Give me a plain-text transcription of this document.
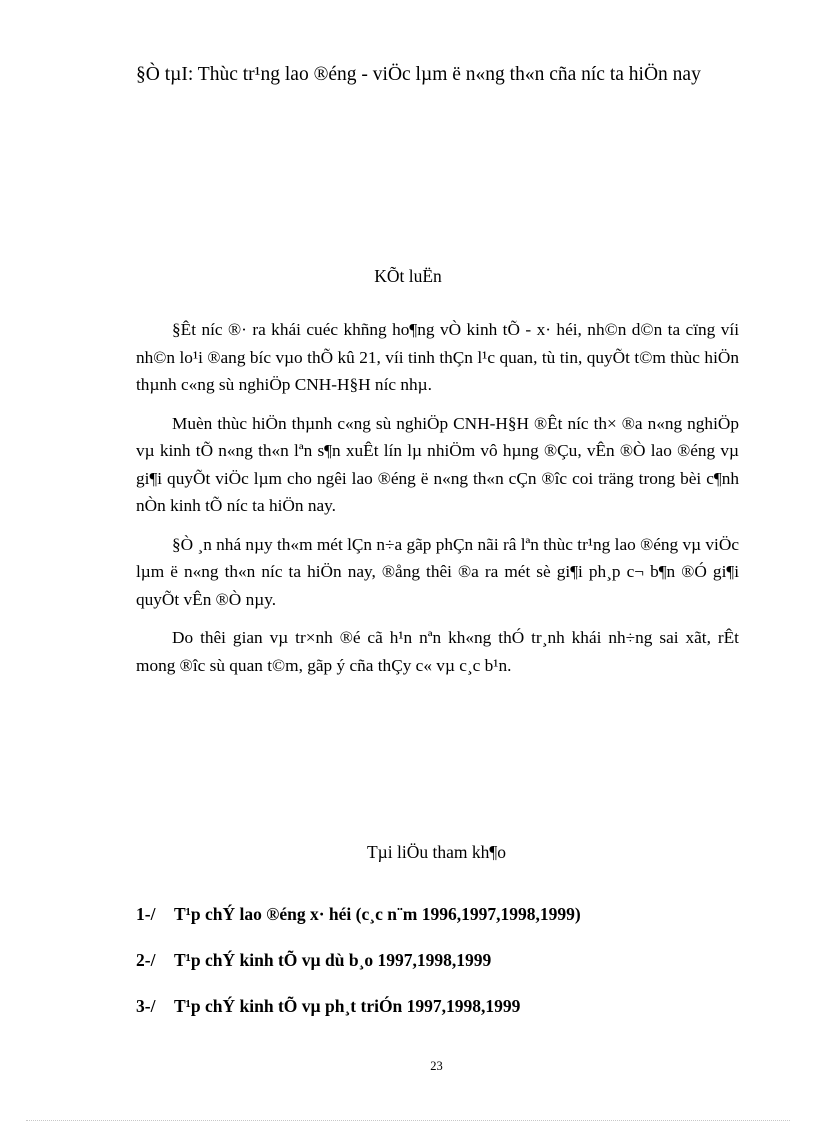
§Ò tµI: Thùc tr¹ng lao ®éng - viÖc lµm ë n«ng th«n cña níc ta hiÖn nay

KÕt luËn

§Êt níc ®· ra khái cuéc khñng ho¶ng vÒ kinh tÕ - x· héi, nh©n d©n ta cïng víi nh©n lo¹i ®ang bíc vµo thÕ kû 21, víi tinh thÇn l¹c quan, tù tin, quyÕt t©m thùc hiÖn thµnh c«ng sù nghiÖp CNH-H§H níc nhµ.

Muèn thùc hiÖn thµnh c«ng sù nghiÖp CNH-H§H ®Êt níc th× ®a n«ng nghiÖp vµ kinh tÕ n«ng th«n lªn s¶n xuÊt lín lµ nhiÖm vô hµng ®Çu, vÊn ®Ò lao ®éng vµ gi¶i quyÕt viÖc lµm cho ngêi lao ®éng ë n«ng th«n cÇn ®îc coi träng trong bèi c¶nh nÒn kinh tÕ níc ta hiÖn nay.

§Ò ¸n nhá nµy th«m mét lÇn n÷a gãp phÇn nãi râ lªn thùc tr¹ng lao ®éng vµ viÖc lµm ë n«ng th«n níc ta hiÖn nay, ®ång thêi ®a ra mét sè gi¶i ph¸p c¬ b¶n ®Ó gi¶i quyÕt vÊn ®Ò nµy.

Do thêi gian vµ tr×nh ®é cã h¹n nªn kh«ng thÓ tr¸nh khái nh÷ng sai xãt, rÊt mong ®îc sù quan t©m, gãp ý cña thÇy c« vµ c¸c b¹n.

Tµi liÖu tham kh¶o
1-/ T¹p chÝ lao ®éng x· héi (c¸c n¨m 1996,1997,1998,1999)
2-/ T¹p chÝ kinh tÕ vµ dù b¸o 1997,1998,1999
3-/ T¹p chÝ kinh tÕ vµ ph¸t triÓn 1997,1998,1999
23
